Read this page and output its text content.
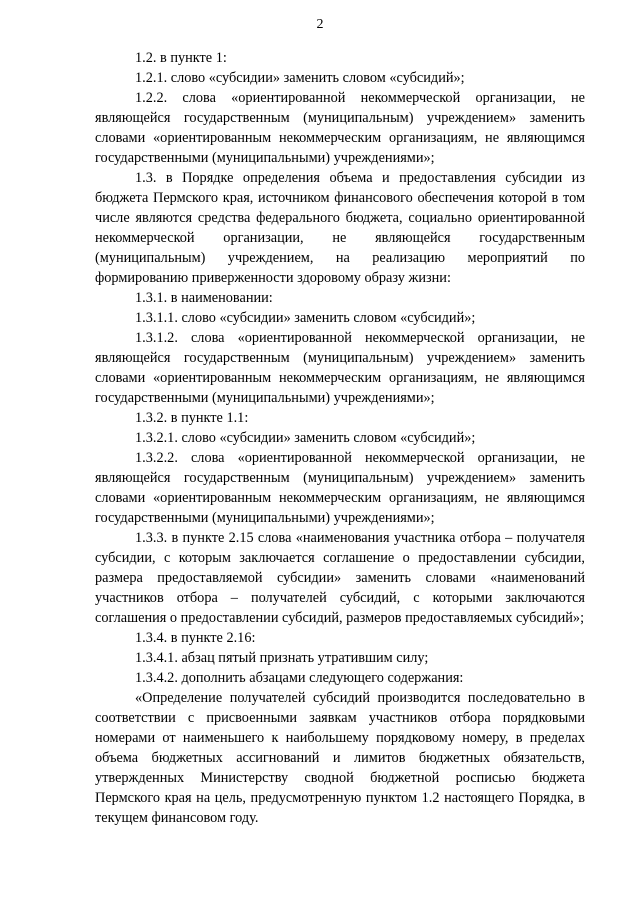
2

1.2. в пункте 1:

1.2.1. слово «субсидии» заменить словом «субсидий»;

1.2.2. слова «ориентированной некоммерческой организации, не являющейся государственным (муниципальным) учреждением» заменить словами «ориентированным некоммерческим организациям, не являющимся государственными (муниципальными) учреждениями»;

1.3. в Порядке определения объема и предоставления субсидии из бюджета Пермского края, источником финансового обеспечения которой в том числе являются средства федерального бюджета, социально ориентированной некоммерческой организации, не являющейся государственным (муниципальным) учреждением, на реализацию мероприятий по формированию приверженности здоровому образу жизни:

1.3.1. в наименовании:

1.3.1.1. слово «субсидии» заменить словом «субсидий»;

1.3.1.2. слова «ориентированной некоммерческой организации, не являющейся государственным (муниципальным) учреждением» заменить словами «ориентированным некоммерческим организациям, не являющимся государственными (муниципальными) учреждениями»;

1.3.2. в пункте 1.1:

1.3.2.1. слово «субсидии» заменить словом «субсидий»;

1.3.2.2. слова «ориентированной некоммерческой организации, не являющейся государственным (муниципальным) учреждением» заменить словами «ориентированным некоммерческим организациям, не являющимся государственными (муниципальными) учреждениями»;

1.3.3. в пункте 2.15 слова «наименования участника отбора – получателя субсидии, с которым заключается соглашение о предоставлении субсидии, размера предоставляемой субсидии» заменить словами «наименований участников отбора – получателей субсидий, с которыми заключаются соглашения о предоставлении субсидий, размеров предоставляемых субсидий»;

1.3.4. в пункте 2.16:

1.3.4.1. абзац пятый признать утратившим силу;

1.3.4.2. дополнить абзацами следующего содержания:

«Определение получателей субсидий производится последовательно в соответствии с присвоенными заявкам участников отбора порядковыми номерами от наименьшего к наибольшему порядковому номеру, в пределах объема бюджетных ассигнований и лимитов бюджетных обязательств, утвержденных Министерству сводной бюджетной росписью бюджета Пермского края на цель, предусмотренную пунктом 1.2 настоящего Порядка, в текущем финансовом году.
